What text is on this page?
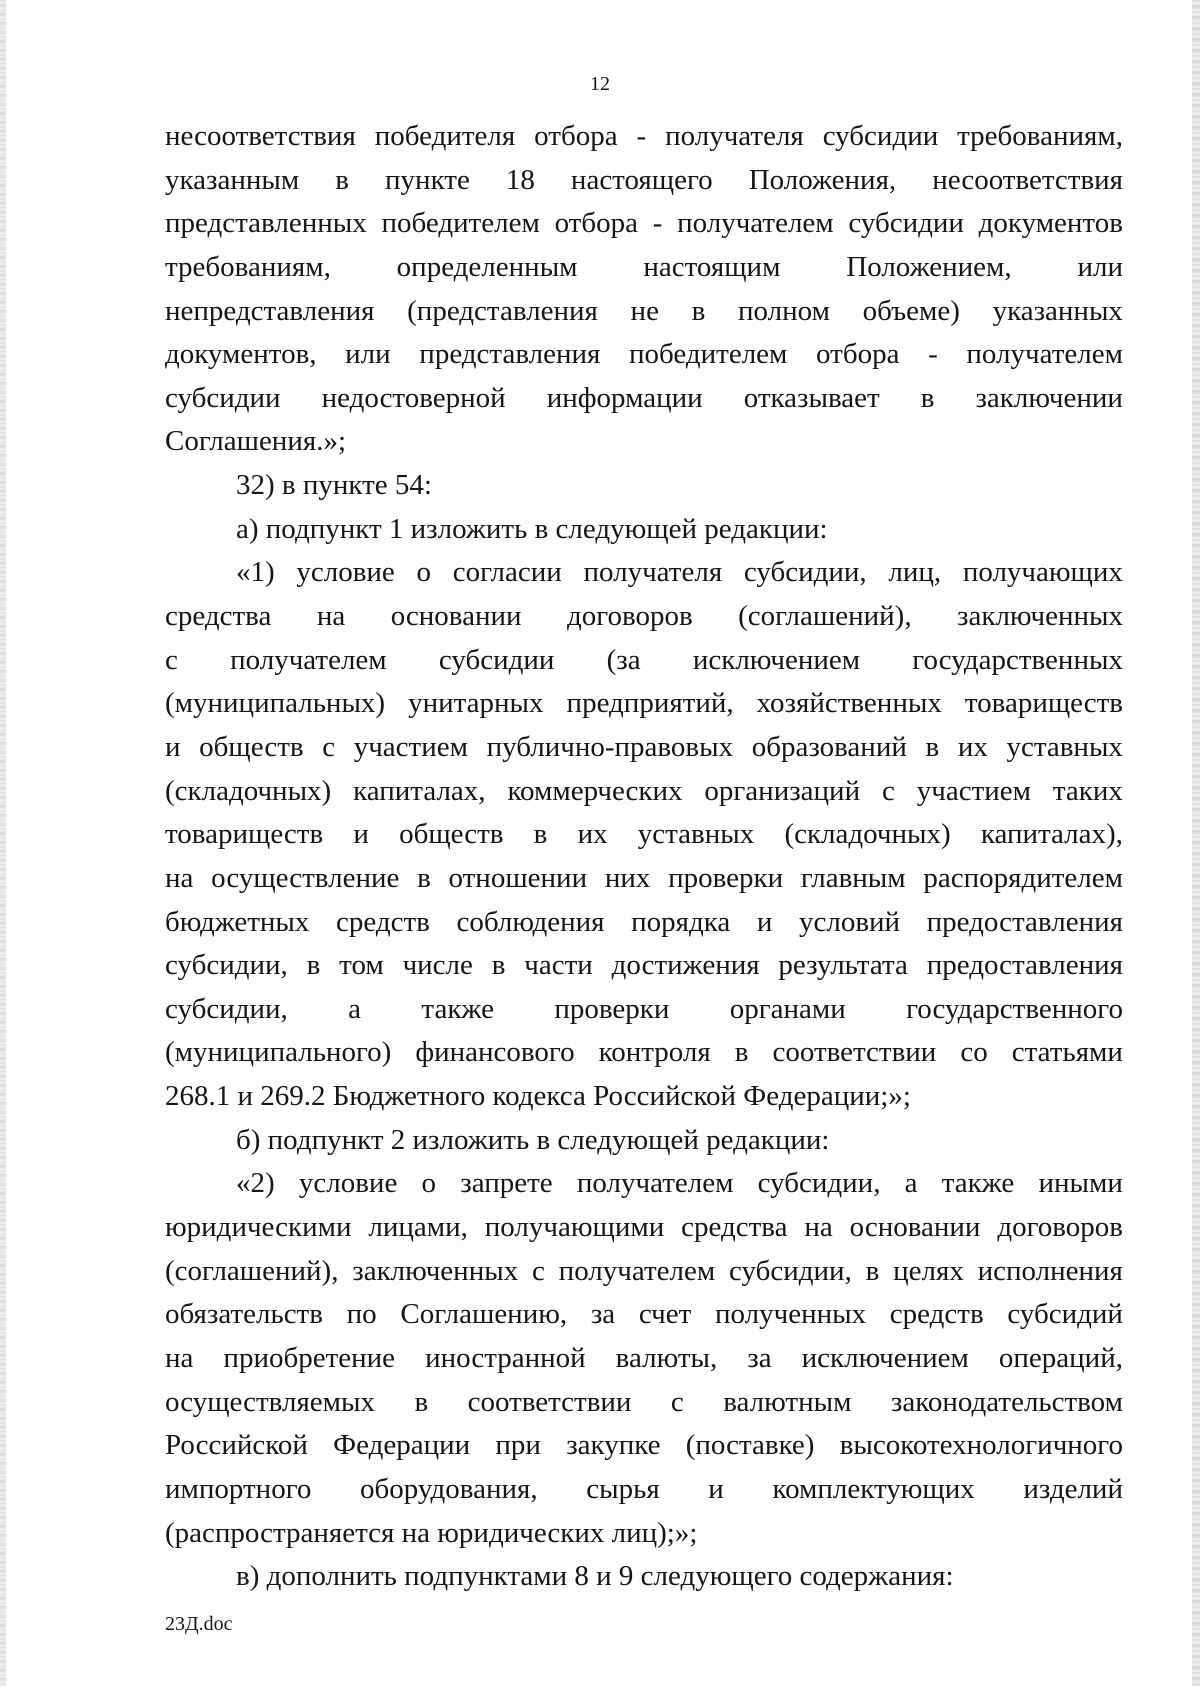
12
несоответствия победителя отбора - получателя субсидии требованиям,
указанным в пункте 18 настоящего Положения, несоответствия
представленных победителем отбора - получателем субсидии документов
требованиям, определенным настоящим Положением, или
непредставления (представления не в полном объеме) указанных
документов, или представления победителем отбора - получателем
субсидии недостоверной информации отказывает в заключении
Соглашения.»;
32) в пункте 54:
а) подпункт 1 изложить в следующей редакции:
«1) условие о согласии получателя субсидии, лиц, получающих
средства на основании договоров (соглашений), заключенных
с получателем субсидии (за исключением государственных
(муниципальных) унитарных предприятий, хозяйственных товариществ
и обществ с участием публично-правовых образований в их уставных
(складочных) капиталах, коммерческих организаций с участием таких
товариществ и обществ в их уставных (складочных) капиталах),
на осуществление в отношении них проверки главным распорядителем
бюджетных средств соблюдения порядка и условий предоставления
субсидии, в том числе в части достижения результата предоставления
субсидии, а также проверки органами государственного
(муниципального) финансового контроля в соответствии со статьями
268.1 и 269.2 Бюджетного кодекса Российской Федерации;»;
б) подпункт 2 изложить в следующей редакции:
«2) условие о запрете получателем субсидии, а также иными
юридическими лицами, получающими средства на основании договоров
(соглашений), заключенных с получателем субсидии, в целях исполнения
обязательств по Соглашению, за счет полученных средств субсидий
на приобретение иностранной валюты, за исключением операций,
осуществляемых в соответствии с валютным законодательством
Российской Федерации при закупке (поставке) высокотехнологичного
импортного оборудования, сырья и комплектующих изделий
(распространяется на юридических лиц);»;
в) дополнить подпунктами 8 и 9 следующего содержания:
23Д.doc
